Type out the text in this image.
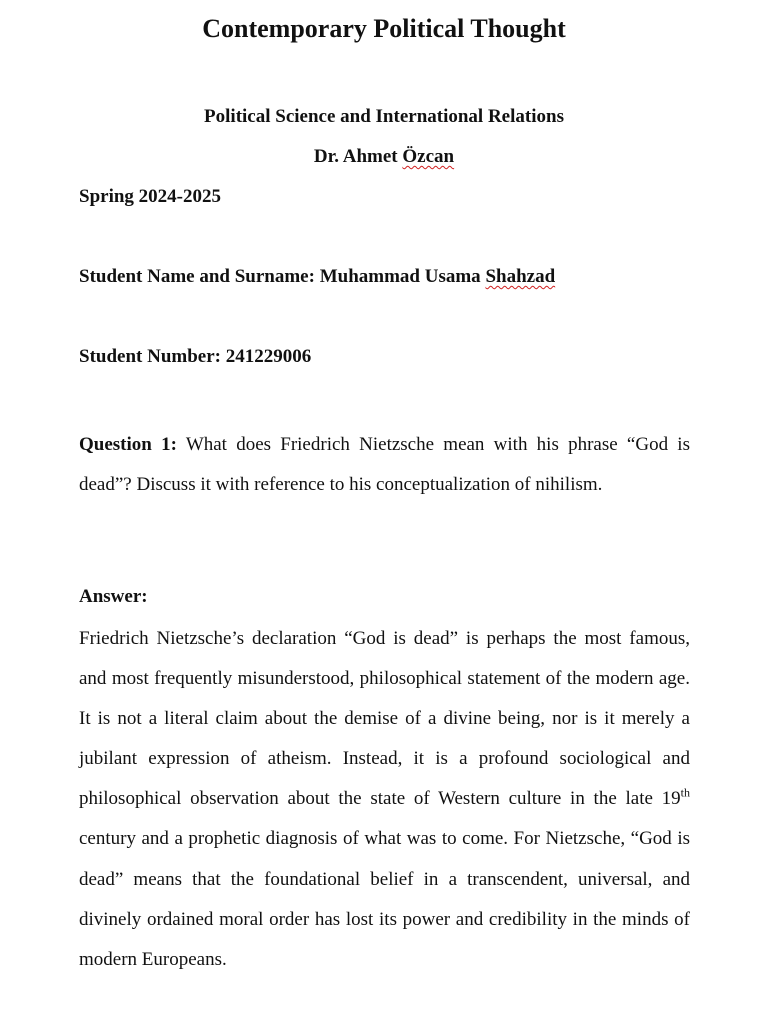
Contemporary Political Thought

Political Science and International Relations

Dr. Ahmet Özcan

Spring 2024-2025

Student Name and Surname: Muhammad Usama Shahzad

Student Number: 241229006

Question 1: What does Friedrich Nietzsche mean with his phrase “God is dead”? Discuss it with reference to his conceptualization of nihilism.

Answer:

Friedrich Nietzsche’s declaration “God is dead” is perhaps the most famous, and most frequently misunderstood, philosophical statement of the modern age. It is not a literal claim about the demise of a divine being, nor is it merely a jubilant expression of atheism. Instead, it is a profound sociological and philosophical observation about the state of Western culture in the late 19th century and a prophetic diagnosis of what was to come. For Nietzsche, “God is dead” means that the foundational belief in a transcendent, universal, and divinely ordained moral order has lost its power and credibility in the minds of modern Europeans.
